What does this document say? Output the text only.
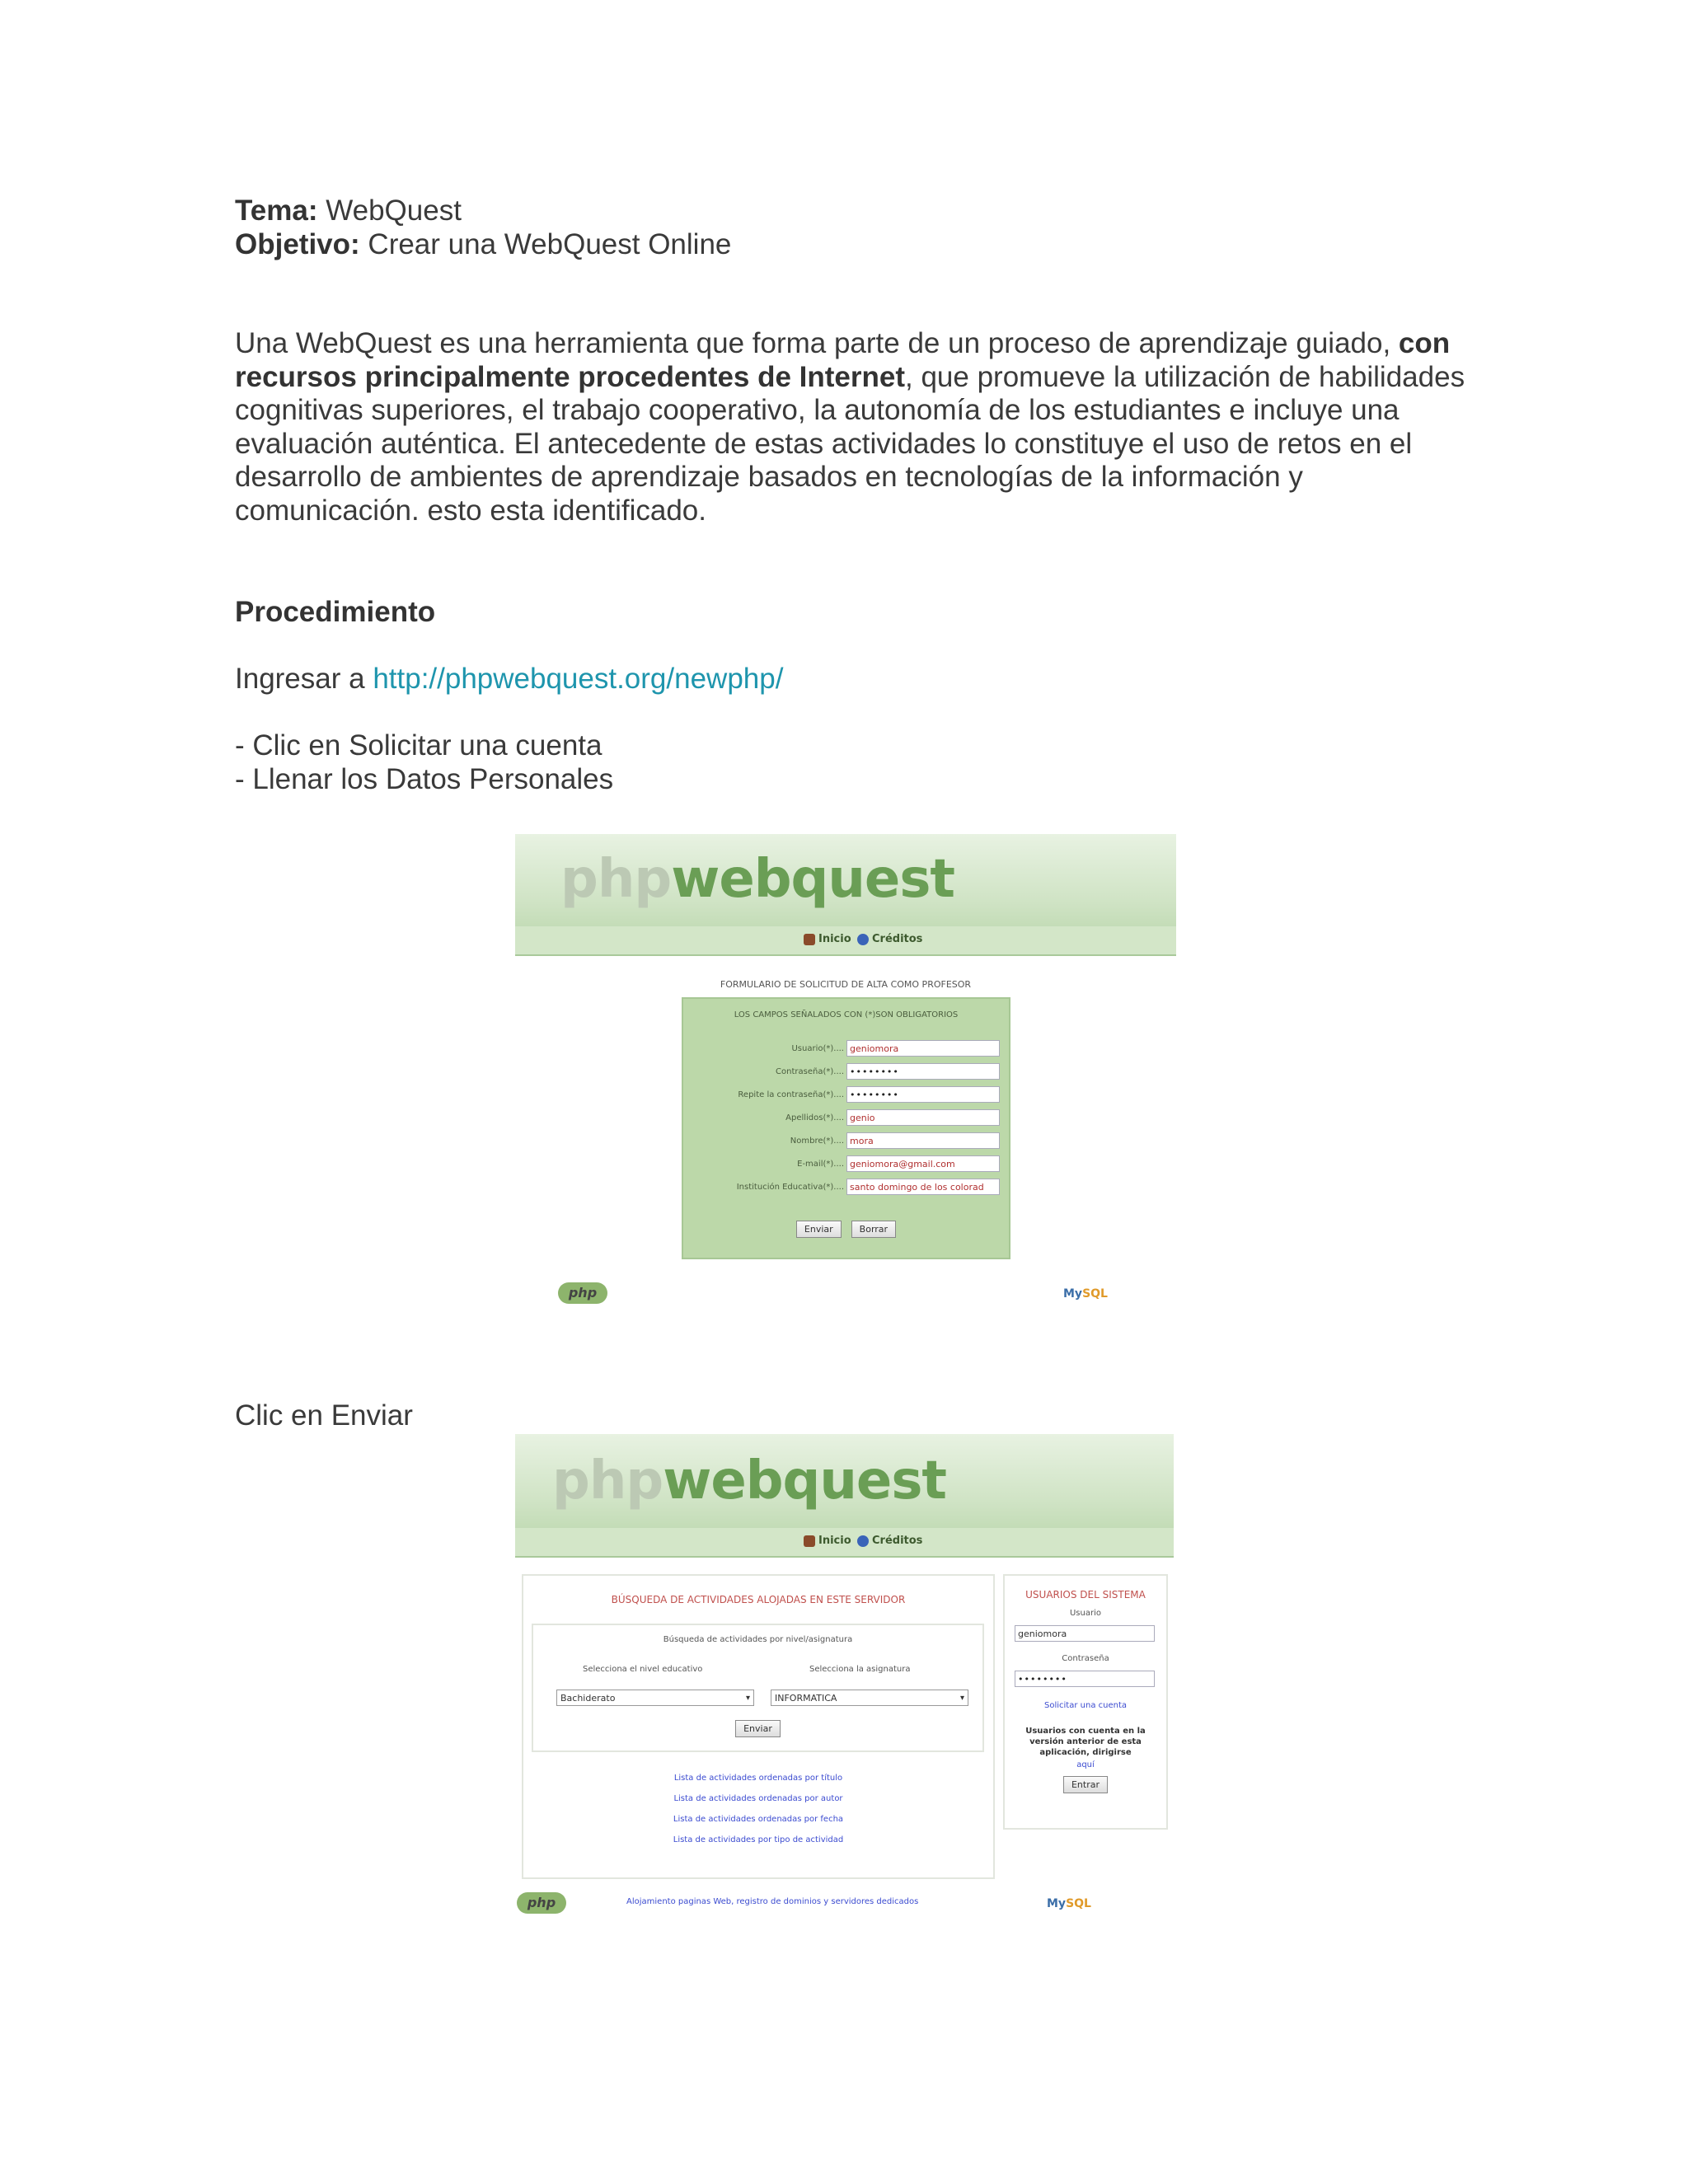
Tema: WebQuest
Objetivo: Crear una WebQuest Online
Una WebQuest es una herramienta que forma parte de un proceso de aprendizaje guiado, con recursos principalmente procedentes de Internet, que promueve la utilización de habilidades cognitivas superiores, el trabajo cooperativo, la autonomía de los estudiantes e incluye una evaluación auténtica. El antecedente de estas actividades lo constituye el uso de retos en el desarrollo de ambientes de aprendizaje basados en tecnologías de la información y comunicación. esto esta identificado.
Procedimiento
Ingresar a http://phpwebquest.org/newphp/
- Clic en Solicitar una cuenta
- Llenar los Datos Personales
Clic en Enviar
phpwebquest
Inicio	Créditos
FORMULARIO DE SOLICITUD DE ALTA COMO PROFESOR
LOS CAMPOS SEÑALADOS CON (*)SON OBLIGATORIOS
Usuario(*).... geniomora
Contraseña(*).... ••••••••
Repite la contraseña(*).... ••••••••
Apellidos(*).... genio
Nombre(*).... mora
E-mail(*).... geniomora@gmail.com
Institución Educativa(*).... santo domingo de los colorad
Enviar	Borrar
php	MySQL
phpwebquest
Inicio	Créditos
BÚSQUEDA DE ACTIVIDADES ALOJADAS EN ESTE SERVIDOR
Búsqueda de actividades por nivel/asignatura
Selecciona el nivel educativo	Selecciona la asignatura
Bachiderato ▾	INFORMATICA ▾
Enviar
Lista de actividades ordenadas por título
Lista de actividades ordenadas por autor
Lista de actividades ordenadas por fecha
Lista de actividades por tipo de actividad
USUARIOS DEL SISTEMA
Usuario
geniomora
Contraseña
••••••••
Solicitar una cuenta
Usuarios con cuenta en la versión anterior de esta aplicación, dirigirse
aquí
Entrar
php	Alojamiento paginas Web, registro de dominios y servidores dedicados	MySQL
